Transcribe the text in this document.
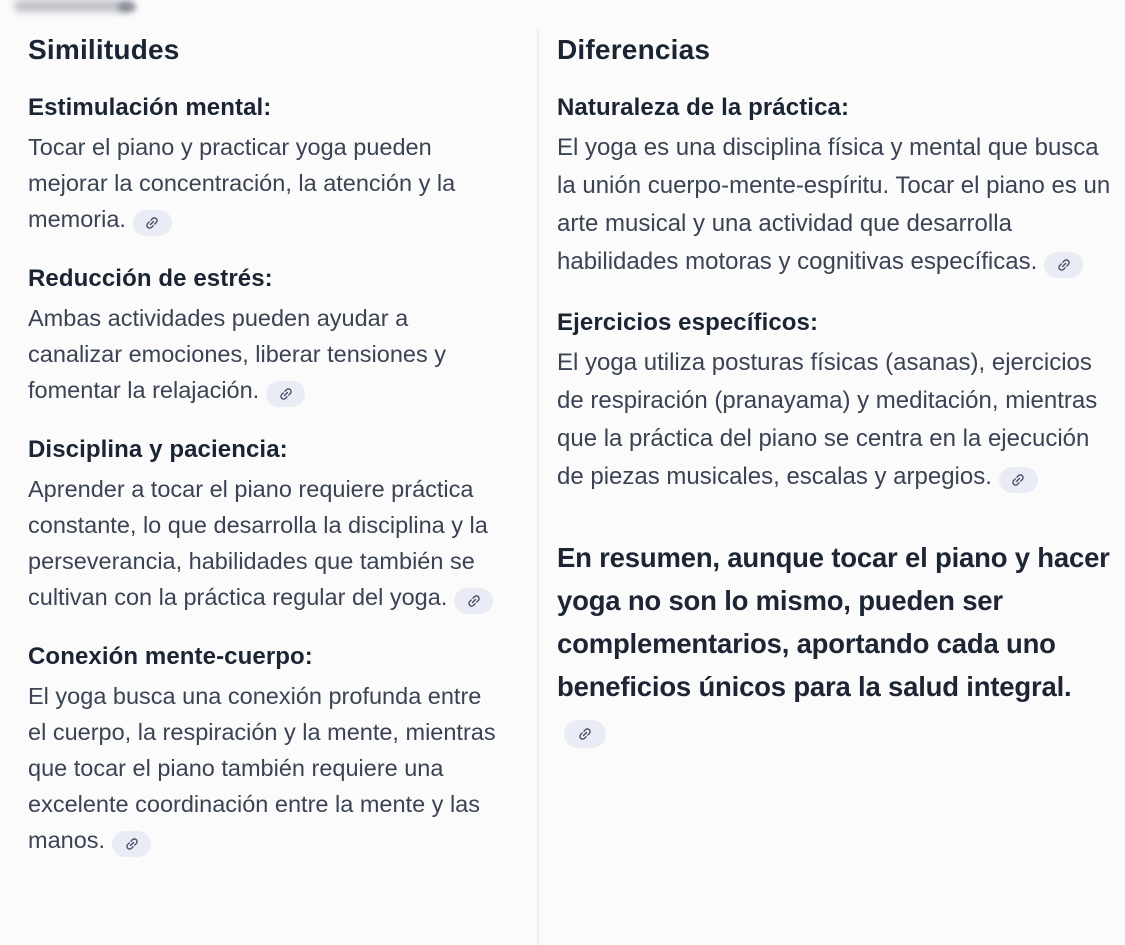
Similitudes
Estimulación mental:

Tocar el piano y practicar yoga pueden mejorar la concentración, la atención y la memoria.

Reducción de estrés:

Ambas actividades pueden ayudar a canalizar emociones, liberar tensiones y fomentar la relajación.

Disciplina y paciencia:

Aprender a tocar el piano requiere práctica constante, lo que desarrolla la disciplina y la perseverancia, habilidades que también se cultivan con la práctica regular del yoga.

Conexión mente-cuerpo:

El yoga busca una conexión profunda entre el cuerpo, la respiración y la mente, mientras que tocar el piano también requiere una excelente coordinación entre la mente y las manos.

Diferencias
Naturaleza de la práctica:

El yoga es una disciplina física y mental que busca la unión cuerpo-mente-espíritu. Tocar el piano es un arte musical y una actividad que desarrolla habilidades motoras y cognitivas específicas.

Ejercicios específicos:

El yoga utiliza posturas físicas (asanas), ejercicios de respiración (pranayama) y meditación, mientras que la práctica del piano se centra en la ejecución de piezas musicales, escalas y arpegios.

En resumen, aunque tocar el piano y hacer yoga no son lo mismo, pueden ser complementarios, aportando cada uno beneficios únicos para la salud integral.
